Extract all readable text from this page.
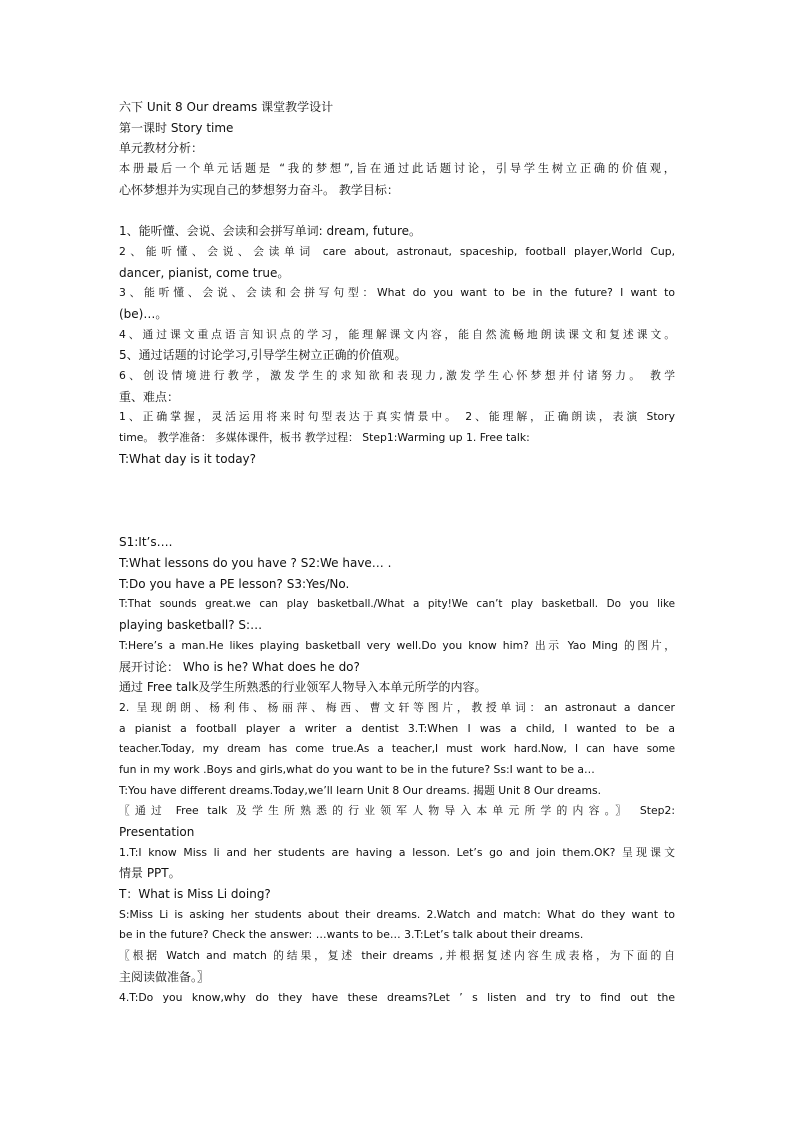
六下 Unit 8 Our dreams 课堂教学设计
第一课时 Story time
单元教材分析：
本册最后一个单元话题是 “我的梦想”,旨在通过此话题讨论，引导学生树立正确的价值观，
心怀梦想并为实现自己的梦想努力奋斗。 教学目标：
1、能听懂、会说、会读和会拼写单词: dream, future。
2、能听懂、会说、会读单词 care about, astronaut, spaceship, football player,World Cup,
dancer, pianist, come true。
3、能听懂、会说、会读和会拼写句型：What do you want to be in the future? I want to
(be)…。
4、通过课文重点语言知识点的学习，能理解课文内容，能自然流畅地朗读课文和复述课文。
5、通过话题的讨论学习,引导学生树立正确的价值观。
6、创设情境进行教学，激发学生的求知欲和表现力,激发学生心怀梦想并付诸努力。 教学
重、难点：
1、正确掌握，灵活运用将来时句型表达于真实情景中。 2、能理解，正确朗读，表演 Story
time。 教学准备： 多媒体课件，板书 教学过程： Step1:Warming up 1. Free talk:
T:What day is it today?
S1:It’s….
T:What lessons do you have ? S2:We have… .
T:Do you have a PE lesson? S3:Yes/No.
T:That sounds great.we can play basketball./What a pity!We can’t play basketball. Do you like
playing basketball? S:…
T:Here’s a man.He likes playing basketball very well.Do you know him? 出示 Yao Ming 的图片，
展开讨论： Who is he? What does he do?
通过 Free talk及学生所熟悉的行业领军人物导入本单元所学的内容。
2. 呈现朗朗、杨利伟、杨丽萍、梅西、曹文轩等图片，教授单词：an astronaut a dancer
a pianist a football player a writer a dentist 3.T:When I was a child, I wanted to be a
teacher.Today, my dream has come true.As a teacher,I must work hard.Now, I can have some
fun in my work .Boys and girls,what do you want to be in the future? Ss:I want to be a…
T:You have different dreams.Today,we’ll learn Unit 8 Our dreams. 揭题 Unit 8 Our dreams.
〖通过 Free talk 及学生所熟悉的行业领军人物导入本单元所学的内容。〗 Step2:
Presentation
1.T:I know Miss li and her students are having a lesson. Let’s go and join them.OK? 呈现课文
情景 PPT。
T：What is Miss Li doing?
S:Miss Li is asking her students about their dreams. 2.Watch and match: What do they want to
be in the future? Check the answer: …wants to be… 3.T:Let’s talk about their dreams.
〖根据 Watch and match 的结果，复述 their dreams ,并根据复述内容生成表格，为下面的自
主阅读做准备。〗
4.T:Do you know,why do they have these dreams?Let ’ s listen and try to find out the
